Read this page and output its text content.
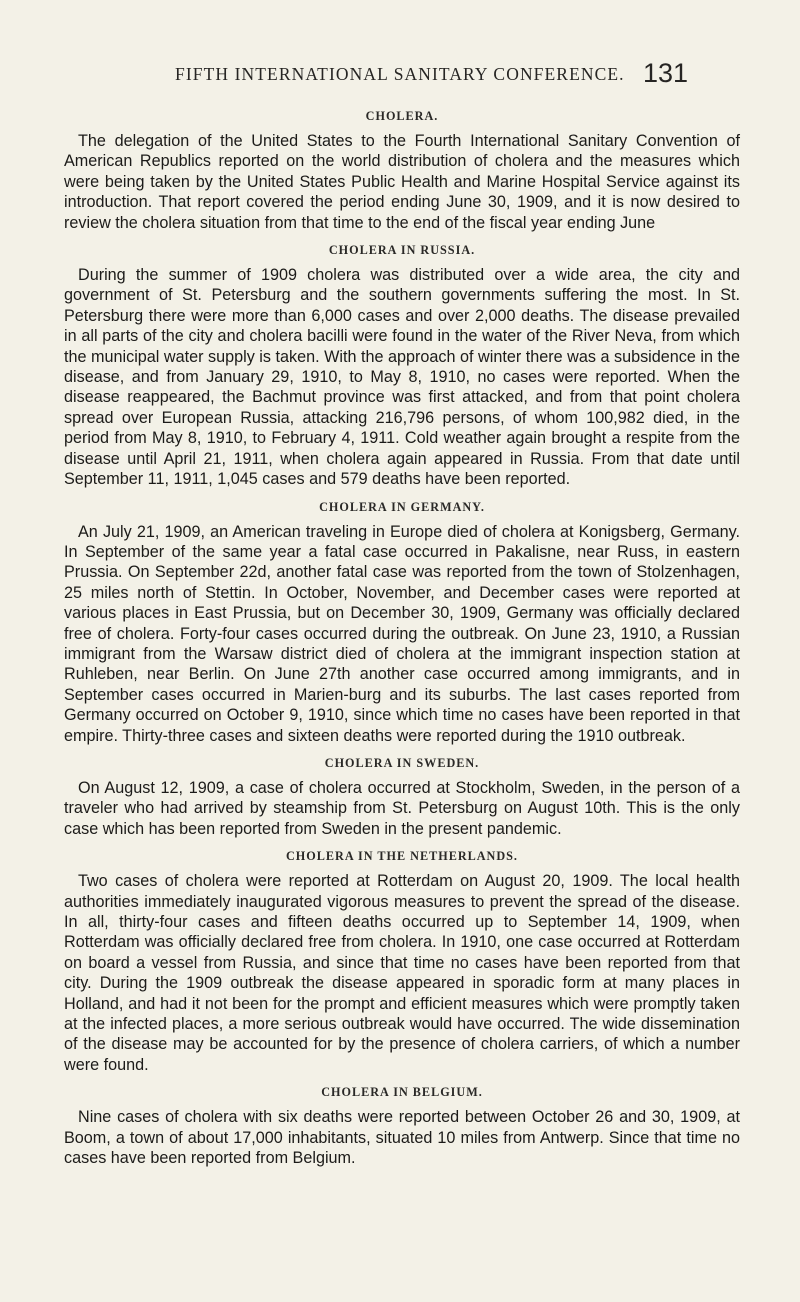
FIFTH INTERNATIONAL SANITARY CONFERENCE. 131
CHOLERA.

The delegation of the United States to the Fourth International Sanitary Convention of American Republics reported on the world distribution of cholera and the measures which were being taken by the United States Public Health and Marine Hospital Service against its introduction. That report covered the period ending June 30, 1909, and it is now desired to review the cholera situation from that time to the end of the fiscal year ending June

CHOLERA IN RUSSIA.

During the summer of 1909 cholera was distributed over a wide area, the city and government of St. Petersburg and the southern governments suffering the most. In St. Petersburg there were more than 6,000 cases and over 2,000 deaths. The disease prevailed in all parts of the city and cholera bacilli were found in the water of the River Neva, from which the municipal water supply is taken. With the approach of winter there was a subsidence in the disease, and from January 29, 1910, to May 8, 1910, no cases were reported. When the disease reappeared, the Bachmut province was first attacked, and from that point cholera spread over European Russia, attacking 216,796 persons, of whom 100,982 died, in the period from May 8, 1910, to February 4, 1911. Cold weather again brought a respite from the disease until April 21, 1911, when cholera again appeared in Russia. From that date until September 11, 1911, 1,045 cases and 579 deaths have been reported.

CHOLERA IN GERMANY.

An July 21, 1909, an American traveling in Europe died of cholera at Konigsberg, Germany. In September of the same year a fatal case occurred in Pakalisne, near Russ, in eastern Prussia. On September 22d, another fatal case was reported from the town of Stolzenhagen, 25 miles north of Stettin. In October, November, and December cases were reported at various places in East Prussia, but on December 30, 1909, Germany was officially declared free of cholera. Forty-four cases occurred during the outbreak. On June 23, 1910, a Russian immigrant from the Warsaw district died of cholera at the immigrant inspection station at Ruhleben, near Berlin. On June 27th another case occurred among immigrants, and in September cases occurred in Marien-burg and its suburbs. The last cases reported from Germany occurred on October 9, 1910, since which time no cases have been reported in that empire. Thirty-three cases and sixteen deaths were reported during the 1910 outbreak.

CHOLERA IN SWEDEN.

On August 12, 1909, a case of cholera occurred at Stockholm, Sweden, in the person of a traveler who had arrived by steamship from St. Petersburg on August 10th. This is the only case which has been reported from Sweden in the present pandemic.

CHOLERA IN THE NETHERLANDS.

Two cases of cholera were reported at Rotterdam on August 20, 1909. The local health authorities immediately inaugurated vigorous measures to prevent the spread of the disease. In all, thirty-four cases and fifteen deaths occurred up to September 14, 1909, when Rotterdam was officially declared free from cholera. In 1910, one case occurred at Rotterdam on board a vessel from Russia, and since that time no cases have been reported from that city. During the 1909 outbreak the disease appeared in sporadic form at many places in Holland, and had it not been for the prompt and efficient measures which were promptly taken at the infected places, a more serious outbreak would have occurred. The wide dissemination of the disease may be accounted for by the presence of cholera carriers, of which a number were found.

CHOLERA IN BELGIUM.

Nine cases of cholera with six deaths were reported between October 26 and 30, 1909, at Boom, a town of about 17,000 inhabitants, situated 10 miles from Antwerp. Since that time no cases have been reported from Belgium.
